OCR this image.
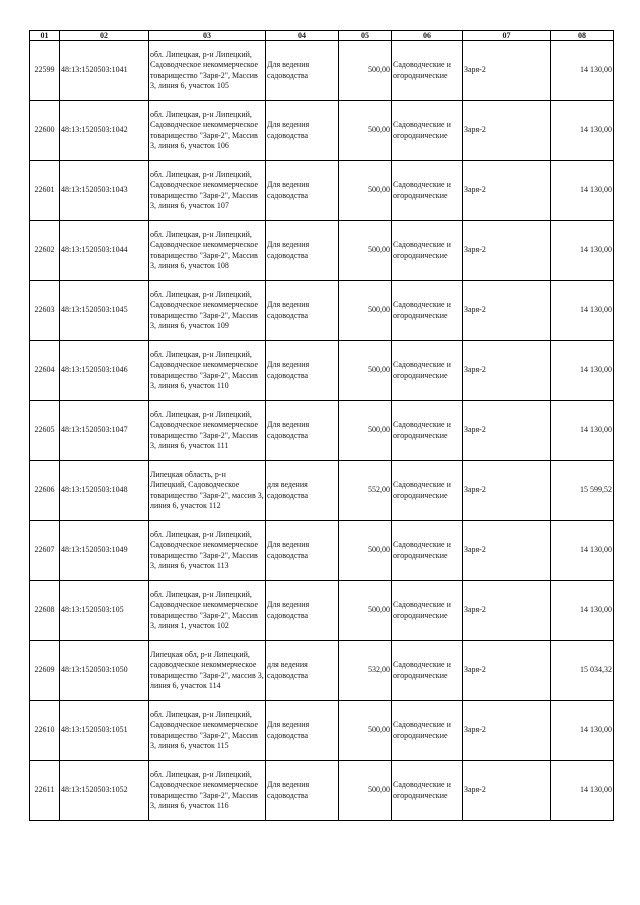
01	02	03	04	05	06	07	08
22599	48:13:1520503:1041	обл. Липецкая, р-н Липецкий, Садоводческое некоммерческое товарищество "Заря-2", Массив 3, линия 6, участок 105	Для ведения садоводства	500,00	Садоводческие и огороднические	Заря-2	14 130,00
22600	48:13:1520503:1042	обл. Липецкая, р-н Липецкий, Садоводческое некоммерческое товарищество "Заря-2", Массив 3, линия 6, участок 106	Для ведения садоводства	500,00	Садоводческие и огороднические	Заря-2	14 130,00
22601	48:13:1520503:1043	обл. Липецкая, р-н Липецкий, Садоводческое некоммерческое товарищество "Заря-2", Массив 3, линия 6, участок 107	Для ведения садоводства	500,00	Садоводческие и огороднические	Заря-2	14 130,00
22602	48:13:1520503:1044	обл. Липецкая, р-н Липецкий, Садоводческое некоммерческое товарищество "Заря-2", Массив 3, линия 6, участок 108	Для ведения садоводства	500,00	Садоводческие и огороднические	Заря-2	14 130,00
22603	48:13:1520503:1045	обл. Липецкая, р-н Липецкий, Садоводческое некоммерческое товарищество "Заря-2", Массив 3, линия 6, участок 109	Для ведения садоводства	500,00	Садоводческие и огороднические	Заря-2	14 130,00
22604	48:13:1520503:1046	обл. Липецкая, р-н Липецкий, Садоводческое некоммерческое товарищество "Заря-2", Массив 3, линия 6, участок 110	Для ведения садоводства	500,00	Садоводческие и огороднические	Заря-2	14 130,00
22605	48:13:1520503:1047	обл. Липецкая, р-н Липецкий, Садоводческое некоммерческое товарищество "Заря-2", Массив 3, линия 6, участок 111	Для ведения садоводства	500,00	Садоводческие и огороднические	Заря-2	14 130,00
22606	48:13:1520503:1048	Липецкая область, р-н Липецкий, Садоводческое товарищество "Заря-2", массив 3, линия 6, участок 112	для ведения садоводства	552,00	Садоводческие и огороднические	Заря-2	15 599,52
22607	48:13:1520503:1049	обл. Липецкая, р-н Липецкий, Садоводческое некоммерческое товарищество "Заря-2", Массив 3, линия 6, участок 113	Для ведения садоводства	500,00	Садоводческие и огороднические	Заря-2	14 130,00
22608	48:13:1520503:105	обл. Липецкая, р-н Липецкий, Садоводческое некоммерческое товарищество "Заря-2", Массив 3, линия 1, участок 102	Для ведения садоводства	500,00	Садоводческие и огороднические	Заря-2	14 130,00
22609	48:13:1520503:1050	Липецкая обл, р-н Липецкий, садоводческое некоммерческое товарищество "Заря-2", массив 3, линия 6, участок 114	для ведения садоводства	532,00	Садоводческие и огороднические	Заря-2	15 034,32
22610	48:13:1520503:1051	обл. Липецкая, р-н Липецкий, Садоводческое некоммерческое товарищество "Заря-2", Массив 3, линия 6, участок 115	Для ведения садоводства	500,00	Садоводческие и огороднические	Заря-2	14 130,00
22611	48:13:1520503:1052	обл. Липецкая, р-н Липецкий, Садоводческое некоммерческое товарищество "Заря-2", Массив 3, линия 6, участок 116	Для ведения садоводства	500,00	Садоводческие и огороднические	Заря-2	14 130,00
